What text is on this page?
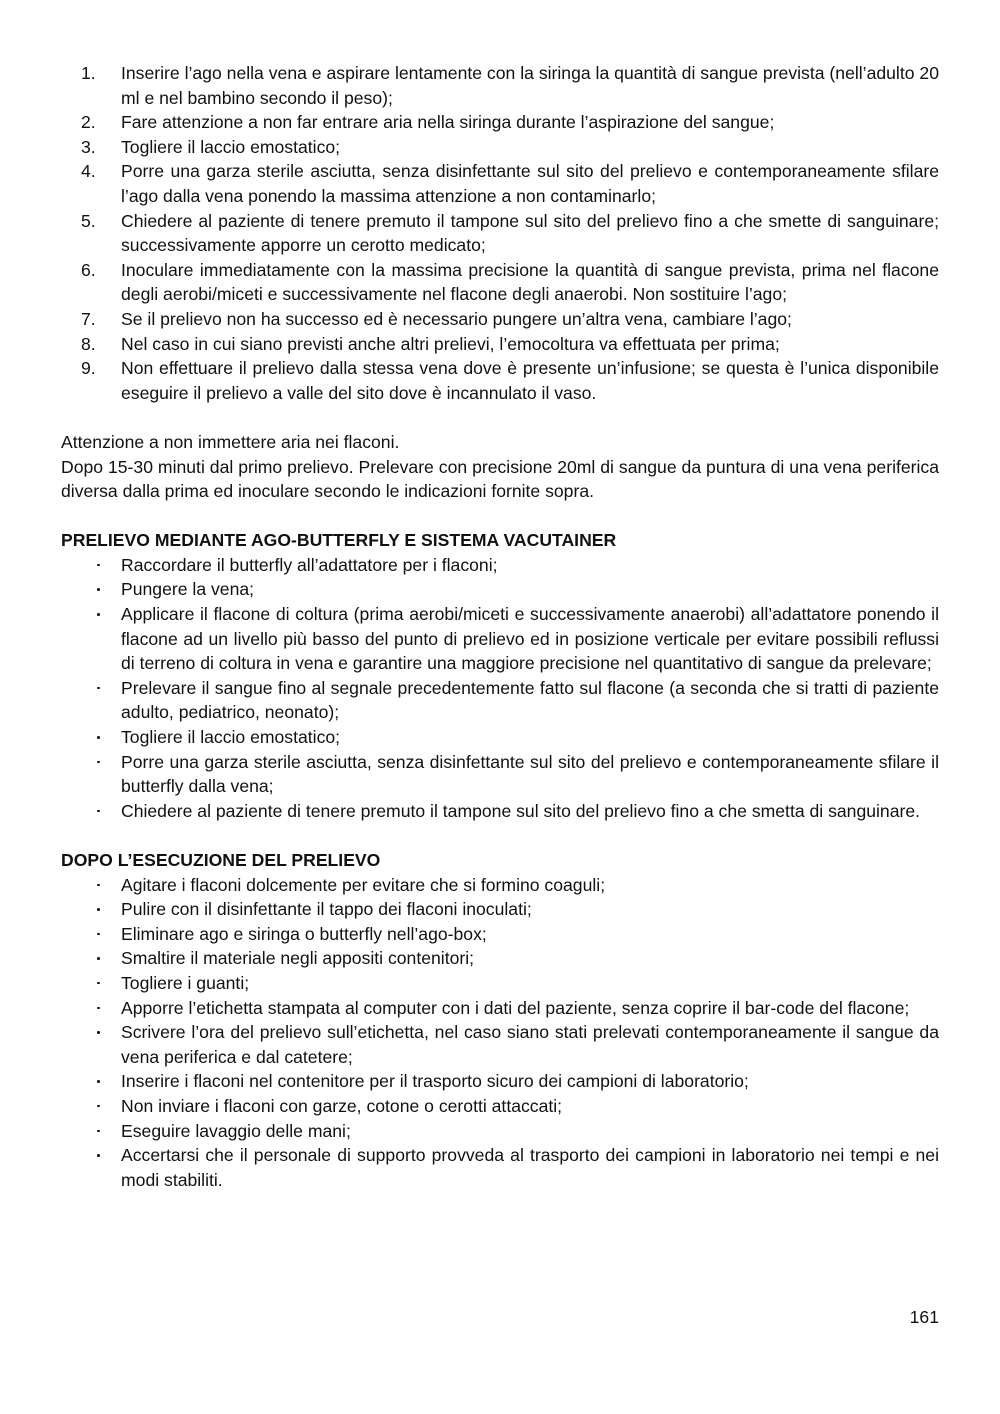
1.	Inserire l’ago nella vena e aspirare lentamente con la siringa la quantità di sangue prevista (nell’adulto 20 ml e nel bambino secondo il peso);
2.	Fare attenzione a non far entrare aria nella siringa durante l’aspirazione del sangue;
3.	Togliere il laccio emostatico;
4.	Porre una garza sterile asciutta, senza disinfettante sul sito del prelievo e contemporaneamente sfilare l’ago dalla vena ponendo la massima attenzione a non contaminarlo;
5.	Chiedere al paziente di tenere premuto il tampone sul sito del prelievo fino a che smette di sanguinare; successivamente apporre un cerotto medicato;
6.	Inoculare immediatamente con la massima precisione la quantità di sangue prevista, prima nel flacone degli aerobi/miceti e successivamente nel flacone degli anaerobi. Non sostituire l’ago;
7.	Se il prelievo non ha successo ed è necessario pungere un’altra vena, cambiare l’ago;
8.	Nel caso in cui siano previsti anche altri prelievi, l’emocoltura va effettuata per prima;
9.	Non effettuare il prelievo dalla stessa vena dove è presente un’infusione; se questa è l’unica disponibile eseguire il prelievo a valle del sito dove è incannulato il vaso.

Attenzione a non immettere aria nei flaconi.

Dopo 15-30 minuti dal primo prelievo. Prelevare con precisione 20ml di sangue da puntura di una vena periferica diversa dalla prima ed inoculare secondo le indicazioni fornite sopra.

PRELIEVO MEDIANTE AGO-BUTTERFLY E SISTEMA VACUTAINER

Raccordare il butterfly all’adattatore per i flaconi;
Pungere la vena;
Applicare il flacone di coltura (prima aerobi/miceti e successivamente anaerobi) all’adattatore ponendo il flacone ad un livello più basso del punto di prelievo ed in posizione verticale per evitare possibili reflussi di terreno di coltura in vena e garantire una maggiore precisione nel quantitativo di sangue da prelevare;
Prelevare il sangue fino al segnale precedentemente fatto sul flacone (a seconda che si tratti di paziente adulto, pediatrico, neonato);
Togliere il laccio emostatico;
Porre una garza sterile asciutta, senza disinfettante sul sito del prelievo e contemporaneamente sfilare il butterfly dalla vena;
Chiedere al paziente di tenere premuto il tampone sul sito del prelievo fino a che smetta di sanguinare.

DOPO L’ESECUZIONE DEL PRELIEVO

Agitare i flaconi dolcemente per evitare che si formino coaguli;
Pulire con il disinfettante il tappo dei flaconi inoculati;
Eliminare ago e siringa o butterfly nell’ago-box;
Smaltire il materiale negli appositi contenitori;
Togliere i guanti;
Apporre l’etichetta stampata al computer con i dati del paziente, senza coprire il bar-code del flacone;
Scrivere l’ora del prelievo sull’etichetta, nel caso siano stati prelevati contemporaneamente il sangue da vena periferica e dal catetere;
Inserire i flaconi nel contenitore per il trasporto sicuro dei campioni di laboratorio;
Non inviare i flaconi con garze, cotone o cerotti attaccati;
Eseguire lavaggio delle mani;
Accertarsi che il personale di supporto provveda al trasporto dei campioni in laboratorio nei tempi e nei modi stabiliti.
161
